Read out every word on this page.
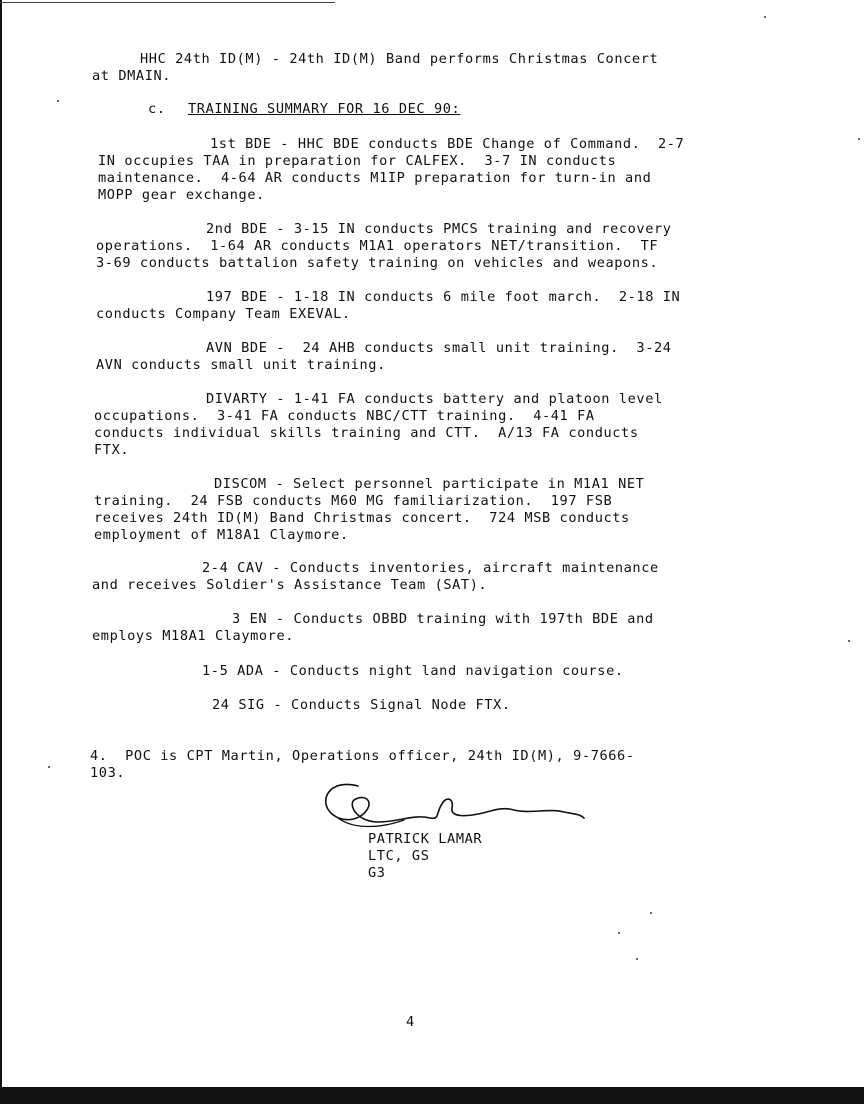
HHC 24th ID(M) - 24th ID(M) Band performs Christmas Concert
at DMAIN.
c. TRAINING SUMMARY FOR 16 DEC 90:
1st BDE - HHC BDE conducts BDE Change of Command.  2-7
IN occupies TAA in preparation for CALFEX.  3-7 IN conducts
maintenance.  4-64 AR conducts M1IP preparation for turn-in and
MOPP gear exchange.
2nd BDE - 3-15 IN conducts PMCS training and recovery
operations.  1-64 AR conducts M1A1 operators NET/transition.  TF
3-69 conducts battalion safety training on vehicles and weapons.
197 BDE - 1-18 IN conducts 6 mile foot march.  2-18 IN
conducts Company Team EXEVAL.
AVN BDE -  24 AHB conducts small unit training.  3-24
AVN conducts small unit training.
DIVARTY - 1-41 FA conducts battery and platoon level
occupations.  3-41 FA conducts NBC/CTT training.  4-41 FA
conducts individual skills training and CTT.  A/13 FA conducts
FTX.
DISCOM - Select personnel participate in M1A1 NET
training.  24 FSB conducts M60 MG familiarization.  197 FSB
receives 24th ID(M) Band Christmas concert.  724 MSB conducts
employment of M18A1 Claymore.
2-4 CAV - Conducts inventories, aircraft maintenance
and receives Soldier's Assistance Team (SAT).
3 EN - Conducts OBBD training with 197th BDE and
employs M18A1 Claymore.
1-5 ADA - Conducts night land navigation course.
24 SIG - Conducts Signal Node FTX.
4.  POC is CPT Martin, Operations officer, 24th ID(M), 9-7666-
103.
PATRICK LAMAR
LTC, GS
G3
4
